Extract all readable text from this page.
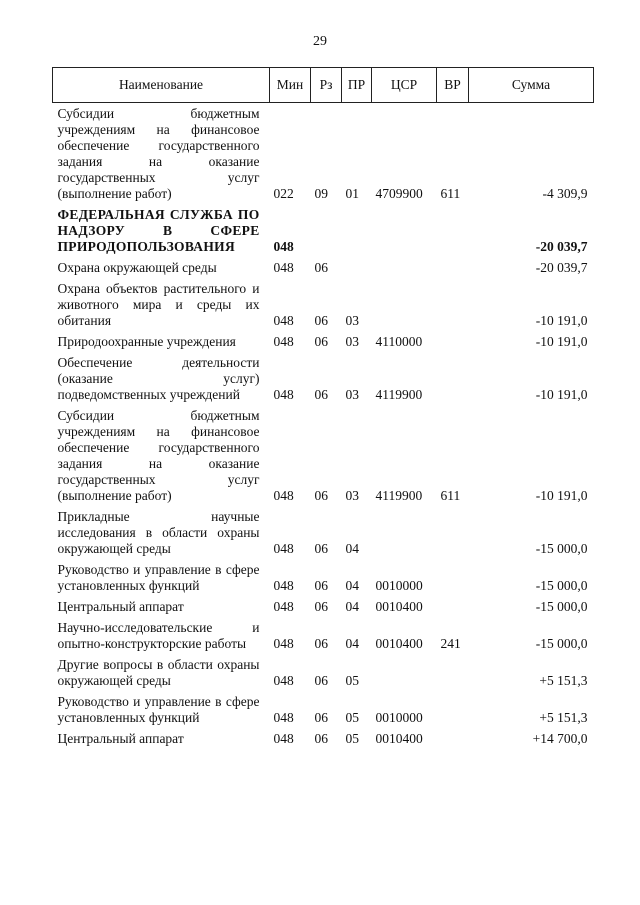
29
Наименование	Мин	Рз	ПР	ЦСР	ВР	Сумма
Субсидии бюджетным учреждениям на финансовое обеспечение государственного задания на оказание государственных услуг (выполнение работ)	022	09	01	4709900	611	-4 309,9
ФЕДЕРАЛЬНАЯ СЛУЖБА ПО НАДЗОРУ В СФЕРЕ ПРИРОДОПОЛЬЗОВАНИЯ	048					-20 039,7
Охрана окружающей среды	048	06				-20 039,7
Охрана объектов растительного и животного мира и среды их обитания	048	06	03			-10 191,0
Природоохранные учреждения	048	06	03	4110000		-10 191,0
Обеспечение деятельности (оказание услуг) подведомственных учреждений	048	06	03	4119900		-10 191,0
Субсидии бюджетным учреждениям на финансовое обеспечение государственного задания на оказание государственных услуг (выполнение работ)	048	06	03	4119900	611	-10 191,0
Прикладные научные исследования в области охраны окружающей среды	048	06	04			-15 000,0
Руководство и управление в сфере установленных функций	048	06	04	0010000		-15 000,0
Центральный аппарат	048	06	04	0010400		-15 000,0
Научно-исследовательские и опытно-конструкторские работы	048	06	04	0010400	241	-15 000,0
Другие вопросы в области охраны окружающей среды	048	06	05			+5 151,3
Руководство и управление в сфере установленных функций	048	06	05	0010000		+5 151,3
Центральный аппарат	048	06	05	0010400		+14 700,0
